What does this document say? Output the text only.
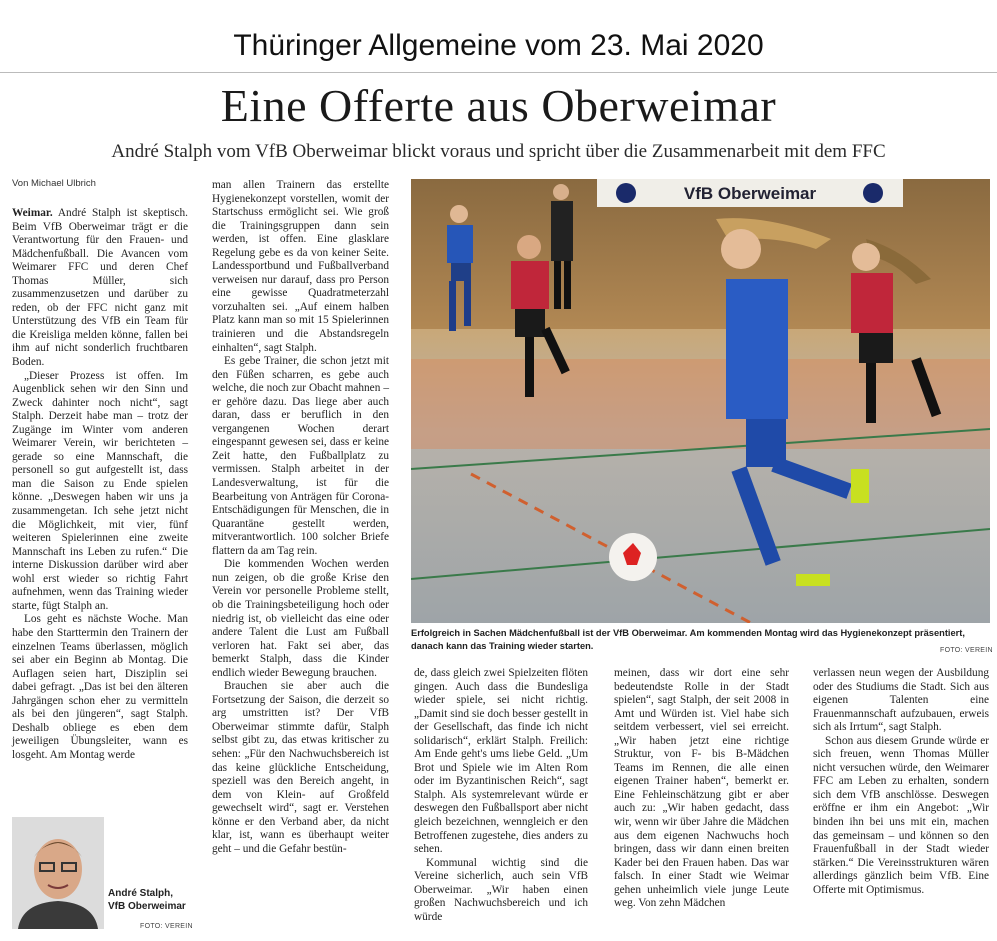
Thüringer Allgemeine vom 23. Mai 2020
Eine Offerte aus Oberweimar
André Stalph vom VfB Oberweimar blickt voraus und spricht über die Zusammenarbeit mit dem FFC
Von Michael Ulbrich

Weimar. André Stalph ist skeptisch. Beim VfB Oberweimar trägt er die Verantwortung für den Frauen- und Mädchenfußball. Die Avancen vom Weimarer FFC und deren Chef Thomas Müller, sich zusammenzusetzen und darüber zu reden, ob der FFC nicht ganz mit Unterstützung des VfB ein Team für die Kreisliga melden könne, fallen bei ihm auf nicht sonderlich fruchtbaren Boden.

„Dieser Prozess ist offen. Im Augenblick sehen wir den Sinn und Zweck dahinter noch nicht“, sagt Stalph. Derzeit habe man – trotz der Zugänge im Winter vom anderen Weimarer Verein, wir berichteten – gerade so eine Mannschaft, die personell so gut aufgestellt ist, dass man die Saison zu Ende spielen könne. „Deswegen haben wir uns ja zusammengetan. Ich sehe jetzt nicht die Möglichkeit, mit vier, fünf weiteren Spielerinnen eine zweite Mannschaft ins Leben zu rufen.“ Die interne Diskussion darüber wird aber wohl erst wieder so richtig Fahrt aufnehmen, wenn das Training wieder starte, fügt Stalph an.

Los geht es nächste Woche. Man habe den Starttermin den Trainern der einzelnen Teams überlassen, möglich sei aber ein Beginn ab Montag. Die Auflagen seien hart, Disziplin sei dabei gefragt. „Das ist bei den älteren Jahrgängen schon eher zu vermitteln als bei den jüngeren“, sagt Stalph. Deshalb obliege es eben dem jeweiligen Übungsleiter, wann es losgeht. Am Montag werde

man allen Trainern das erstellte Hygienekonzept vorstellen, womit der Startschuss ermöglicht sei. Wie groß die Trainingsgruppen dann sein werden, ist offen. Eine glasklare Regelung gebe es da von keiner Seite. Landessportbund und Fußballverband verweisen nur darauf, dass pro Person eine gewisse Quadratmeterzahl vorzuhalten sei. „Auf einem halben Platz kann man so mit 15 Spielerinnen trainieren und die Abstandsregeln einhalten“, sagt Stalph.

Es gebe Trainer, die schon jetzt mit den Füßen scharren, es gebe auch welche, die noch zur Obacht mahnen – er gehöre dazu. Das liege aber auch daran, dass er beruflich in den vergangenen Wochen derart eingespannt gewesen sei, dass er keine Zeit hatte, den Fußballplatz zu vermissen. Stalph arbeitet in der Landesverwaltung, ist für die Bearbeitung von Anträgen für Corona-Entschädigungen für Menschen, die in Quarantäne gestellt werden, mitverantwortlich. 100 solcher Briefe flattern da am Tag rein.

Die kommenden Wochen werden nun zeigen, ob die große Krise den Verein vor personelle Probleme stellt, ob die Trainingsbeteiligung hoch oder niedrig ist, ob vielleicht das eine oder andere Talent die Lust am Fußball verloren hat. Fakt sei aber, das bemerkt Stalph, dass die Kinder endlich wieder Bewegung brauchen.

Brauchen sie aber auch die Fortsetzung der Saison, die derzeit so arg umstritten ist? Der VfB Oberweimar stimmte dafür, Stalph selbst gibt zu, das etwas kritischer zu sehen: „Für den Nachwuchsbereich ist das keine glückliche Entscheidung, speziell was den Bereich angeht, in dem von Klein- auf Großfeld gewechselt wird“, sagt er. Verstehen könne er den Verband aber, da nicht klar, ist, wann es überhaupt weiter geht – und die Gefahr bestün-

VfB Oberweimar
Erfolgreich in Sachen Mädchenfußball ist der VfB Oberweimar. Am kommenden Montag wird das Hygienekonzept präsentiert, danach kann das Training wieder starten.	FOTO: VEREIN

de, dass gleich zwei Spielzeiten flöten gingen. Auch dass die Bundesliga wieder spiele, sei nicht richtig. „Damit sind sie doch besser gestellt in der Gesellschaft, das finde ich nicht solidarisch“, erklärt Stalph. Freilich: Am Ende geht's ums liebe Geld. „Um Brot und Spiele wie im Alten Rom oder im Byzantinischen Reich“, sagt Stalph. Als systemrelevant würde er deswegen den Fußballsport aber nicht gleich bezeichnen, wenngleich er den Betroffenen zugestehe, dies anders zu sehen.

Kommunal wichtig sind die Vereine sicherlich, auch sein VfB Oberweimar. „Wir haben einen großen Nachwuchsbereich und ich würde

meinen, dass wir dort eine sehr bedeutendste Rolle in der Stadt spielen“, sagt Stalph, der seit 2008 in Amt und Würden ist. Viel habe sich seitdem verbessert, viel sei erreicht. „Wir haben jetzt eine richtige Struktur, von F- bis B-Mädchen Teams im Rennen, die alle einen eigenen Trainer haben“, bemerkt er. Eine Fehleinschätzung gibt er aber auch zu: „Wir haben gedacht, dass wir, wenn wir über Jahre die Mädchen aus dem eigenen Nachwuchs hoch bringen, dass wir dann einen breiten Kader bei den Frauen haben. Das war falsch. In einer Stadt wie Weimar gehen unheimlich viele junge Leute weg. Von zehn Mädchen

verlassen neun wegen der Ausbildung oder des Studiums die Stadt. Sich aus eigenen Talenten eine Frauenmannschaft aufzubauen, erweis sich als Irrtum“, sagt Stalph.

Schon aus diesem Grunde würde er sich freuen, wenn Thomas Müller nicht versuchen würde, den Weimarer FFC am Leben zu erhalten, sondern sich dem VfB anschlösse. Deswegen eröffne er ihm ein Angebot: „Wir binden ihn bei uns mit ein, machen das gemeinsam – und können so den Frauenfußball in der Stadt wieder stärken.“ Die Vereinsstrukturen wären allerdings gänzlich beim VfB. Eine Offerte mit Optimismus.

André Stalph, VfB Oberweimar
FOTO: VEREIN
